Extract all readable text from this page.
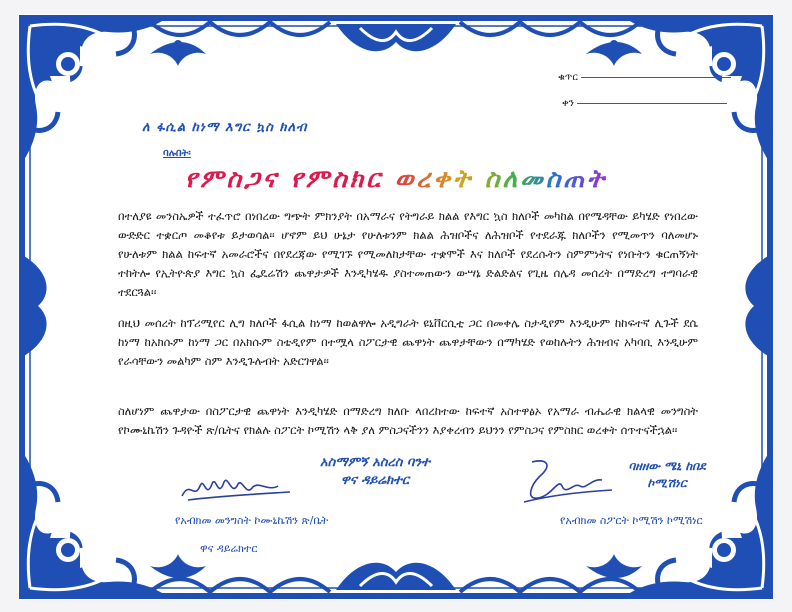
ቁጥር
ቀን

ለ ፋሲል ከነማ እግር ኳስ ክለብ

ባሉበት፡

የምስጋና የምስክር ወረቀት ስለመስጠት

በተለያዩ መንስኤዎች ተፈጥሮ በነበረው ግጭት ምክንያት በአማራና የትግራይ ክልል የእግር ኳስ ክለቦች መካከል በየሜዳቸው ይካሄድ የነበረው ውድድር ተቋርጦ መቆየቱ ይታወሳል፡፡ ሆኖም ይህ ሁኔታ የሁለቱንም ክልል ሕዝቦችና ለሕዝቦች የተደራጁ ክለቦችን የሚመጥን ባለመሆኑ የሁለቱም ክልል ከፍተኛ አመራሮችና በየደረጃው የሚገኙ የሚመለከታቸው ተቋሞች እና ክለቦች የደረሱትን ስምምነትና የነቡትን ቁርጠኝነት ተከትሎ የኢትዮጵያ እግር ኳስ ፌዴሬሽን ጨዋታዎች እንዲካሄዱ ያስተመጠውን ውሣኔ ድልድልና የጊዜ ሰሌዳ መሰረት በማድረግ ተግባራዊ ተደርጓል፡፡

በዚህ መሰረት ከፕሪሚየር ሊግ ክለቦች ፋሲል ከነማ ከወልዋሎ አዲግራት ዩኒቨርሲቲ ጋር በመቀሌ ስታዲየም እንዲሁም ከከፍተኛ ሊጉች ደሴ ከነማ ከአክሱም ከነማ ጋር በአክሱም ስቴዲየም በተሟላ ስፖርታዊ ጨዋነት ጨዋታቸውን በማካሄድ የወከሉትን ሕዝብና አካባቢ እንዲሁም የራሳቸውን መልካም ስም እንዲጉሉብት አድርገዋል፡፡

ስለሆነም ጨዋታው በስፖርታዊ ጨዋነት እንዲካሄድ በማድረግ ክለቡ ላበረከተው ከፍተኛ አስተዋፅኦ የአማራ ብሔራዊ ክልላዊ መንግስት የኮሙኒኬሽን ጉዳዮች ጽ/ቤትና የክልሉ ስፖርት ኮሚሽን ላቅ ያለ ምስጋናችንን እያቀረብን ይህንን የምስጋና የምስክር ወረቀት ሰጥተናችኋል፡፡

አስማምኝ አስረስ ባንተ
ዋና ዳይሬክተር
ባዘዘው ሜኒ ከበደ
ኮሚሽነር

የአብክመ መንግስት ኮሙኒኬሽን ጽ/ቤት

ዋና ዳይሬክተር

የአብክመ ስፖርት ኮሚሽን ኮሚሽነር
